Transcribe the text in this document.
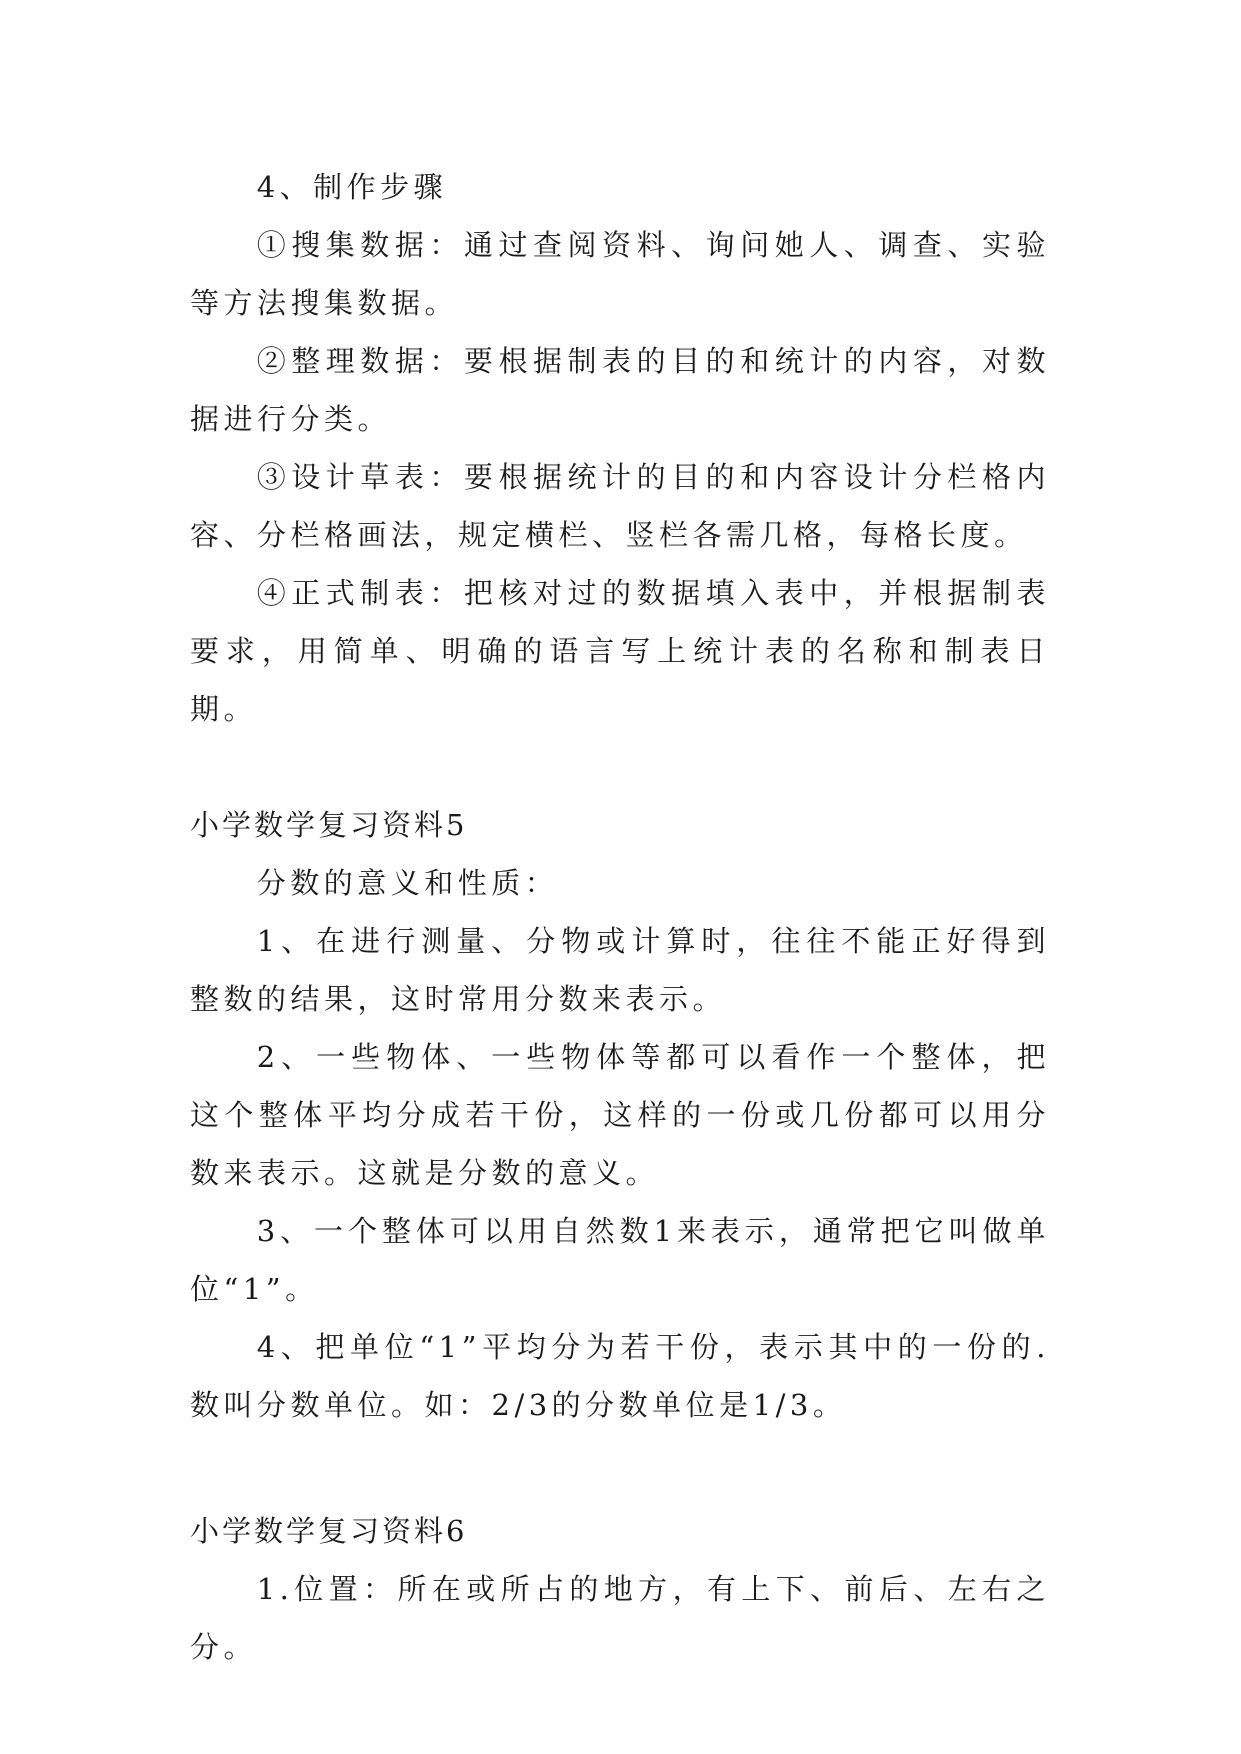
4、制作步骤

①搜集数据：通过查阅资料、询问她人、调查、实验等方法搜集数据。

②整理数据：要根据制表的目的和统计的内容，对数据进行分类。

③设计草表：要根据统计的目的和内容设计分栏格内容、分栏格画法，规定横栏、竖栏各需几格，每格长度。

④正式制表：把核对过的数据填入表中，并根据制表要求，用简单、明确的语言写上统计表的名称和制表日期。

小学数学复习资料5

分数的意义和性质：

1、在进行测量、分物或计算时，往往不能正好得到整数的结果，这时常用分数来表示。

2、一些物体、一些物体等都可以看作一个整体，把这个整体平均分成若干份，这样的一份或几份都可以用分数来表示。这就是分数的意义。

3、一个整体可以用自然数1来表示，通常把它叫做单位“1”。

4、把单位“1”平均分为若干份，表示其中的一份的.数叫分数单位。如：2/3的分数单位是1/3。

小学数学复习资料6

1.位置：所在或所占的地方，有上下、前后、左右之分。
